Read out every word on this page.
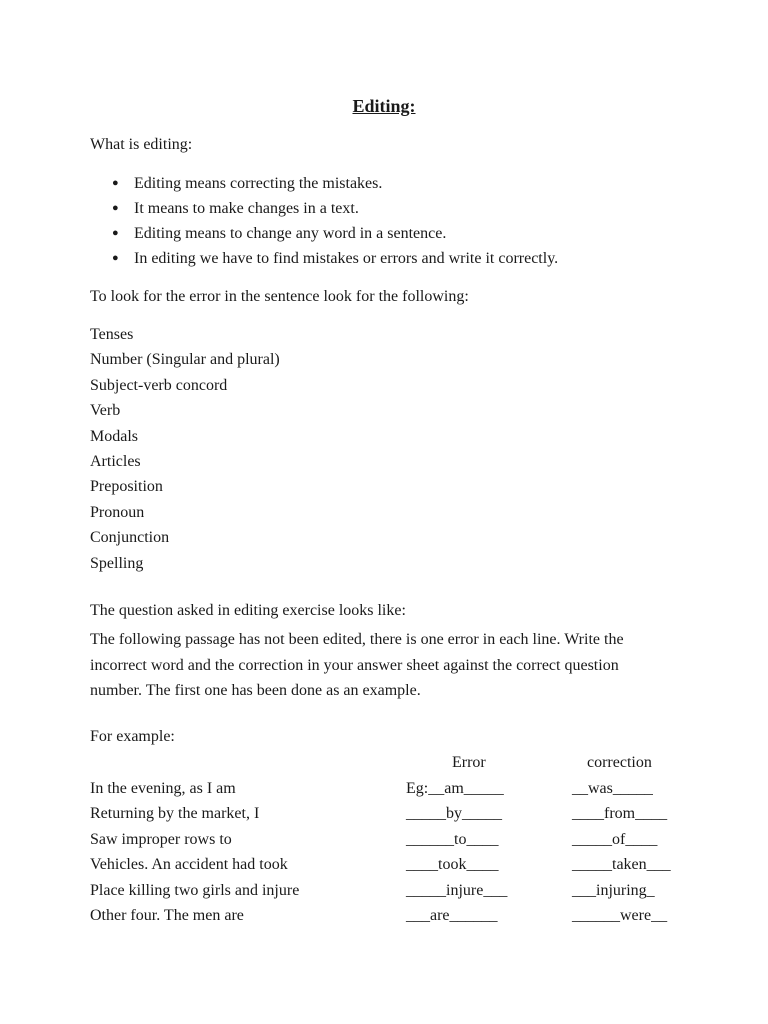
Editing:
What is editing:
●Editing means correcting the mistakes.
●It means to make changes in a text.
●Editing means to change any word in a sentence.
●In editing we have to find mistakes or errors and write it correctly.
To look for the error in the sentence look for the following:
Tenses
Number (Singular and plural)
Subject-verb concord
Verb
Modals
Articles
Preposition
Pronoun
Conjunction
Spelling
The question asked in editing exercise looks like:
The following passage has not been edited, there is one error in each line. Write the
incorrect word and the correction in your answer sheet against the correct question
number. The first one has been done as an example.
For example:
Error	correction
In the evening, as I am	Eg:__am_____	__was_____
Returning by the market, I	_____by_____	____from____
Saw improper rows to	______to____	_____of____
Vehicles. An accident had took	____took____	_____taken___
Place killing two girls and injure	_____injure___	___injuring_
Other four. The men are	___are______	______were__
